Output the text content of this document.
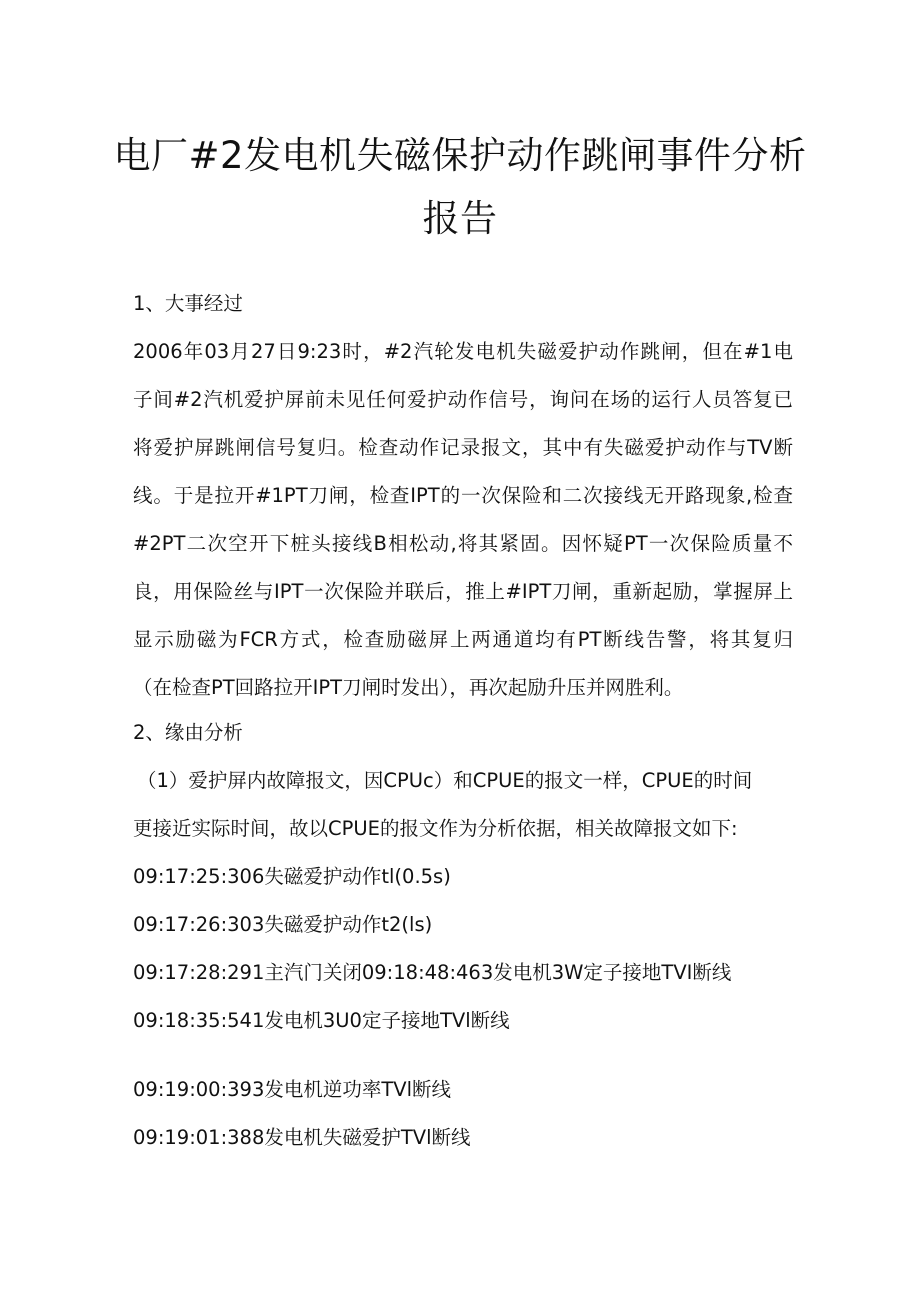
电厂#2发电机失磁保护动作跳闸事件分析
报告
1、大事经过
2006年03月27日9:23时，#2汽轮发电机失磁爱护动作跳闸，但在#1电
子间#2汽机爱护屏前未见任何爱护动作信号，询问在场的运行人员答复已
将爱护屏跳闸信号复归。检查动作记录报文，其中有失磁爱护动作与TV断
线。于是拉开#1PT刀闸，检查IPT的一次保险和二次接线无开路现象,检查
#2PT二次空开下桩头接线B相松动,将其紧固。因怀疑PT一次保险质量不
良，用保险丝与IPT一次保险并联后，推上#IPT刀闸，重新起励，掌握屏上
显示励磁为FCR方式，检查励磁屏上两通道均有PT断线告警，将其复归
（在检查PT回路拉开IPT刀闸时发出），再次起励升压并网胜利。
2、缘由分析
（1）爱护屏内故障报文，因CPUc）和CPUE的报文一样，CPUE的时间
更接近实际时间，故以CPUE的报文作为分析依据，相关故障报文如下:
09:17:25:306失磁爱护动作tl(0.5s)
09:17:26:303失磁爱护动作t2(ls)
09:17:28:291主汽门关闭09:18:48:463发电机3W定子接地TVI断线
09:18:35:541发电机3U0定子接地TVl断线
09:19:00:393发电机逆功率TVl断线
09:19:01:388发电机失磁爱护TVl断线
